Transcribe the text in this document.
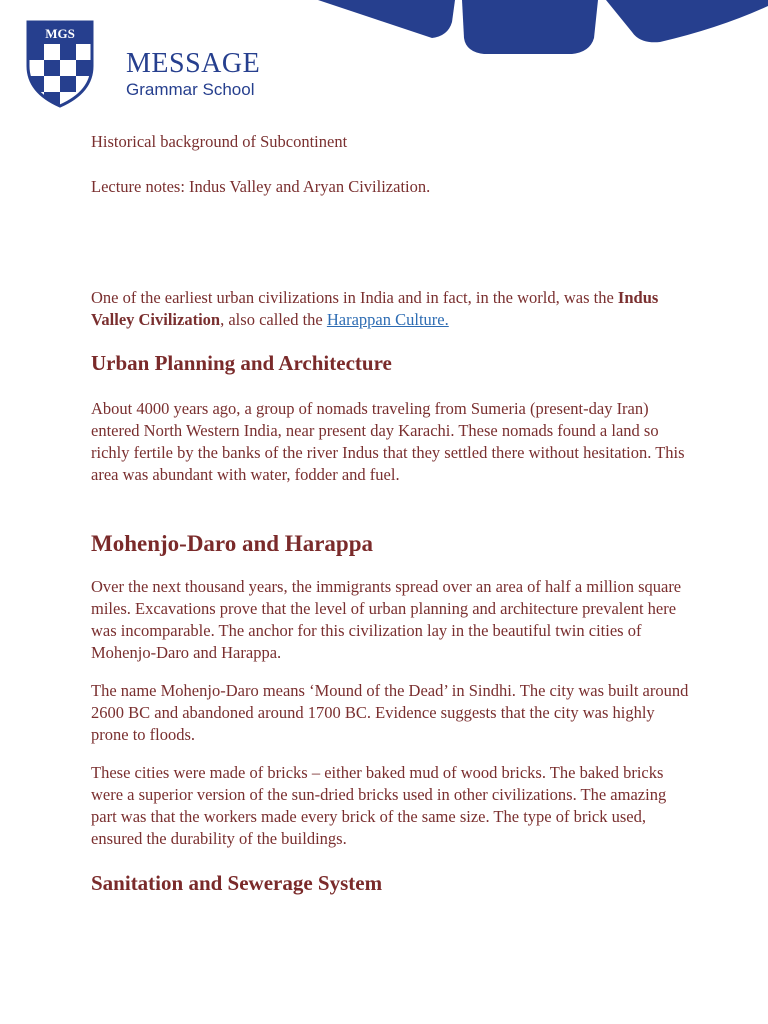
MGS
MESSAGE
Grammar School

Historical background of Subcontinent

Lecture notes: Indus Valley and Aryan Civilization.

One of the earliest urban civilizations in India and in fact, in the world, was the Indus Valley Civilization, also called the Harappan Culture.

Urban Planning and Architecture

About 4000 years ago, a group of nomads traveling from Sumeria (present-day Iran) entered North Western India, near present day Karachi. These nomads found a land so richly fertile by the banks of the river Indus that they settled there without hesitation. This area was abundant with water, fodder and fuel.

Mohenjo-Daro and Harappa

Over the next thousand years, the immigrants spread over an area of half a million square miles. Excavations prove that the level of urban planning and architecture prevalent here was incomparable. The anchor for this civilization lay in the beautiful twin cities of Mohenjo-Daro and Harappa.

The name Mohenjo-Daro means ‘Mound of the Dead’ in Sindhi. The city was built around 2600 BC and abandoned around 1700 BC. Evidence suggests that the city was highly prone to floods.

These cities were made of bricks – either baked mud of wood bricks. The baked bricks were a superior version of the sun-dried bricks used in other civilizations. The amazing part was that the workers made every brick of the same size. The type of brick used, ensured the durability of the buildings.

Sanitation and Sewerage System
